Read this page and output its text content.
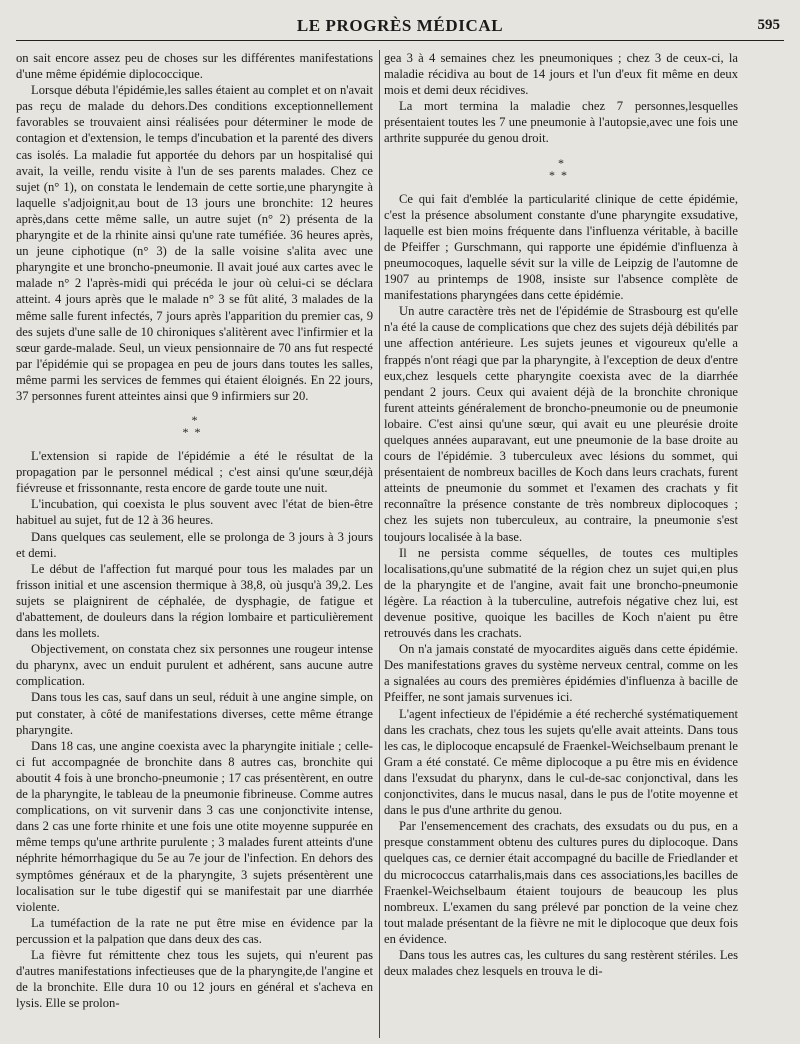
LE PROGRÈS MÉDICAL	595

on sait encore assez peu de choses sur les différentes manifestations d'une même épidémie diplococcique.

Lorsque débuta l'épidémie,les salles étaient au complet et on n'avait pas reçu de malade du dehors.Des conditions exceptionnellement favorables se trouvaient ainsi réalisées pour déterminer le mode de contagion et d'extension, le temps d'incubation et la parenté des divers cas isolés. La maladie fut apportée du dehors par un hospitalisé qui avait, la veille, rendu visite à l'un de ses parents malades. Chez ce sujet (n° 1), on constata le lendemain de cette sortie,une pharyngite à laquelle s'adjoignit,au bout de 13 jours une bronchite: 12 heures après,dans cette même salle, un autre sujet (n° 2) présenta de la pharyngite et de la rhinite ainsi qu'une rate tuméfiée. 36 heures après, un jeune ciphotique (n° 3) de la salle voisine s'alita avec une pharyngite et une broncho-pneumonie. Il avait joué aux cartes avec le malade n° 2 l'après-midi qui précéda le jour où celui-ci se déclara atteint. 4 jours après que le malade n° 3 se fût alité, 3 malades de la même salle furent infectés, 7 jours après l'apparition du premier cas, 9 des sujets d'une salle de 10 chironiques s'alitèrent avec l'infirmier et la sœur garde-malade. Seul, un vieux pensionnaire de 70 ans fut respecté par l'épidémie qui se propagea en peu de jours dans toutes les salles, même parmi les services de femmes qui étaient éloignés. En 22 jours, 37 personnes furent atteintes ainsi que 9 infirmiers sur 20.

*
**

L'extension si rapide de l'épidémie a été le résultat de la propagation par le personnel médical ; c'est ainsi qu'une sœur,déjà fiévreuse et frissonnante, resta encore de garde toute une nuit.

L'incubation, qui coexista le plus souvent avec l'état de bien-être habituel au sujet, fut de 12 à 36 heures.

Dans quelques cas seulement, elle se prolonga de 3 jours à 3 jours et demi.

Le début de l'affection fut marqué pour tous les malades par un frisson initial et une ascension thermique à 38,8, où jusqu'à 39,2. Les sujets se plaignirent de céphalée, de dysphagie, de fatigue et d'abattement, de douleurs dans la région lombaire et particulièrement dans les mollets.

Objectivement, on constata chez six personnes une rougeur intense du pharynx, avec un enduit purulent et adhérent, sans aucune autre complication.

Dans tous les cas, sauf dans un seul, réduit à une angine simple, on put constater, à côté de manifestations diverses, cette même étrange pharyngite.

Dans 18 cas, une angine coexista avec la pharyngite initiale ; celle-ci fut accompagnée de bronchite dans 8 autres cas, bronchite qui aboutit 4 fois à une broncho-pneumonie ; 17 cas présentèrent, en outre de la pharyngite, le tableau de la pneumonie fibrineuse. Comme autres complications, on vit survenir dans 3 cas une conjonctivite intense, dans 2 cas une forte rhinite et une fois une otite moyenne suppurée en même temps qu'une arthrite purulente ; 3 malades furent atteints d'une néphrite hémorrhagique du 5e au 7e jour de l'infection. En dehors des symptômes généraux et de la pharyngite, 3 sujets présentèrent une localisation sur le tube digestif qui se manifestait par une diarrhée violente.

La tuméfaction de la rate ne put être mise en évidence par la percussion et la palpation que dans deux des cas.

La fièvre fut rémittente chez tous les sujets, qui n'eurent pas d'autres manifestations infectieuses que de la pharyngite,de l'angine et de la bronchite. Elle dura 10 ou 12 jours en général et s'acheva en lysis. Elle se prolon-

gea 3 à 4 semaines chez les pneumoniques ; chez 3 de ceux-ci, la maladie récidiva au bout de 14 jours et l'un d'eux fit même en deux mois et demi deux récidives.

La mort termina la maladie chez 7 personnes,lesquelles présentaient toutes les 7 une pneumonie à l'autopsie,avec une fois une arthrite suppurée du genou droit.

*
**

Ce qui fait d'emblée la particularité clinique de cette épidémie, c'est la présence absolument constante d'une pharyngite exsudative, laquelle est bien moins fréquente dans l'influenza véritable, à bacille de Pfeiffer ; Gurschmann, qui rapporte une épidémie d'influenza à pneumocoques, laquelle sévit sur la ville de Leipzig de l'automne de 1907 au printemps de 1908, insiste sur l'absence complète de manifestations pharyngées dans cette épidémie.

Un autre caractère très net de l'épidémie de Strasbourg est qu'elle n'a été la cause de complications que chez des sujets déjà débilités par une affection antérieure. Les sujets jeunes et vigoureux qu'elle a frappés n'ont réagi que par la pharyngite, à l'exception de deux d'entre eux,chez lesquels cette pharyngite coexista avec de la diarrhée pendant 2 jours. Ceux qui avaient déjà de la bronchite chronique furent atteints généralement de broncho-pneumonie ou de pneumonie lobaire. C'est ainsi qu'une sœur, qui avait eu une pleurésie droite quelques années auparavant, eut une pneumonie de la base droite au cours de l'épidémie. 3 tuberculeux avec lésions du sommet, qui présentaient de nombreux bacilles de Koch dans leurs crachats, furent atteints de pneumonie du sommet et l'examen des crachats y fit reconnaître la présence constante de très nombreux diplocoques ; chez les sujets non tuberculeux, au contraire, la pneumonie s'est toujours localisée à la base.

Il ne persista comme séquelles, de toutes ces multiples localisations,qu'une submatité de la région chez un sujet qui,en plus de la pharyngite et de l'angine, avait fait une broncho-pneumonie légère. La réaction à la tuberculine, autrefois négative chez lui, est devenue positive, quoique les bacilles de Koch n'aient pu être retrouvés dans les crachats.

On n'a jamais constaté de myocardites aiguës dans cette épidémie. Des manifestations graves du système nerveux central, comme on les a signalées au cours des premières épidémies d'influenza à bacille de Pfeiffer, ne sont jamais survenues ici.

L'agent infectieux de l'épidémie a été recherché systématiquement dans les crachats, chez tous les sujets qu'elle avait atteints. Dans tous les cas, le diplocoque encapsulé de Fraenkel-Weichselbaum prenant le Gram a été constaté. Ce même diplocoque a pu être mis en évidence dans l'exsudat du pharynx, dans le cul-de-sac conjonctival, dans les conjonctivites, dans le mucus nasal, dans le pus de l'otite moyenne et dans le pus d'une arthrite du genou.

Par l'ensemencement des crachats, des exsudats ou du pus, en a presque constamment obtenu des cultures pures du diplocoque. Dans quelques cas, ce dernier était accompagné du bacille de Friedlander et du micrococcus catarrhalis,mais dans ces associations,les bacilles de Fraenkel-Weichselbaum étaient toujours de beaucoup les plus nombreux. L'examen du sang prélevé par ponction de la veine chez tout malade présentant de la fièvre ne mit le diplocoque que deux fois en évidence.

Dans tous les autres cas, les cultures du sang restèrent stériles. Les deux malades chez lesquels en trouva le di-
